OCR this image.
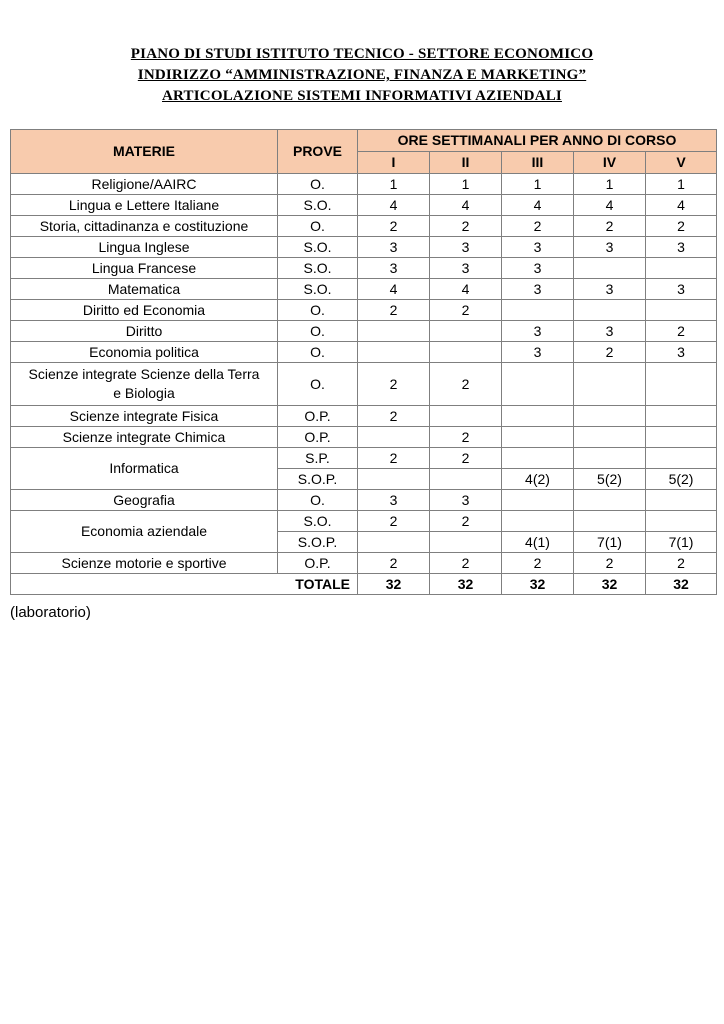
PIANO DI STUDI ISTITUTO TECNICO - SETTORE ECONOMICO
INDIRIZZO “AMMINISTRAZIONE, FINANZA E MARKETING”
ARTICOLAZIONE SISTEMI INFORMATIVI AZIENDALI
MATERIE	PROVE	ORE SETTIMANALI PER ANNO DI CORSO				
		I	II	III	IV	V
Religione/AAIRC	O.	1	1	1	1	1
Lingua e Lettere Italiane	S.O.	4	4	4	4	4
Storia, cittadinanza e costituzione	O.	2	2	2	2	2
Lingua Inglese	S.O.	3	3	3	3	3
Lingua Francese	S.O.	3	3	3		
Matematica	S.O.	4	4	3	3	3
Diritto ed Economia	O.	2	2			
Diritto	O.			3	3	2
Economia politica	O.			3	2	3
Scienze integrate Scienze della Terra e Biologia	O.	2	2			
Scienze integrate Fisica	O.P.	2				
Scienze integrate Chimica	O.P.		2			
Informatica	S.P.	2	2			
	S.O.P.			4(2)	5(2)	5(2)
Geografia	O.	3	3			
Economia aziendale	S.O.	2	2			
	S.O.P.			4(1)	7(1)	7(1)
Scienze motorie e sportive	O.P.	2	2	2	2	2
TOTALE		32	32	32	32	32
(laboratorio)
